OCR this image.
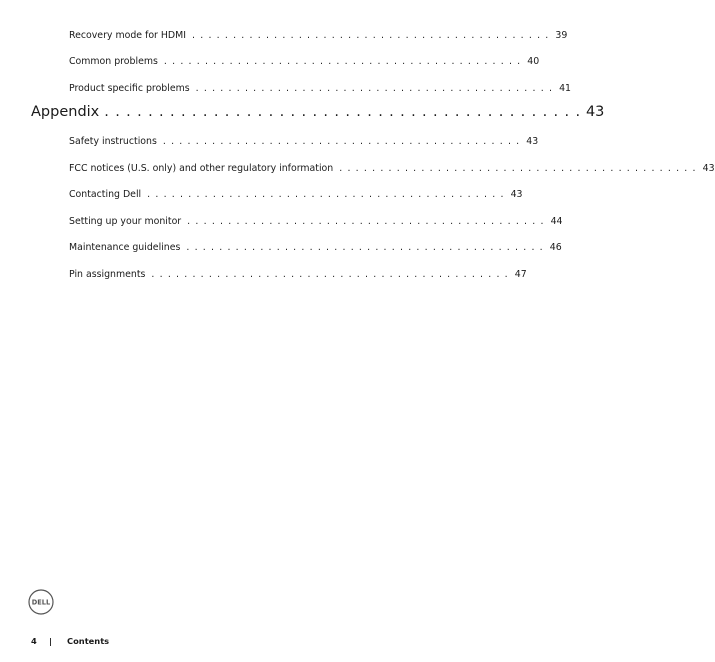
Recovery mode for HDMI . . . . . . . . . . . . . . . . . . . . . . . . . . . . . . . . . . . . . . . . . . . . 39
Common problems . . . . . . . . . . . . . . . . . . . . . . . . . . . . . . . . . . . . . . . . . . . . 40
Product specific problems . . . . . . . . . . . . . . . . . . . . . . . . . . . . . . . . . . . . . . . . . . . . 41
Appendix . . . . . . . . . . . . . . . . . . . . . . . . . . . . . . . . . . . . . . . . . . . . 43
Safety instructions . . . . . . . . . . . . . . . . . . . . . . . . . . . . . . . . . . . . . . . . . . . . 43
FCC notices (U.S. only) and other regulatory information . . . . . . . . . . . . . . . . . . . . . . . . . . . . . . . . . . . . . . . . . . . . 43
Contacting Dell . . . . . . . . . . . . . . . . . . . . . . . . . . . . . . . . . . . . . . . . . . . . 43
Setting up your monitor . . . . . . . . . . . . . . . . . . . . . . . . . . . . . . . . . . . . . . . . . . . . 44
Maintenance guidelines . . . . . . . . . . . . . . . . . . . . . . . . . . . . . . . . . . . . . . . . . . . . 46
Pin assignments . . . . . . . . . . . . . . . . . . . . . . . . . . . . . . . . . . . . . . . . . . . . 47
DELL
4 | Contents
